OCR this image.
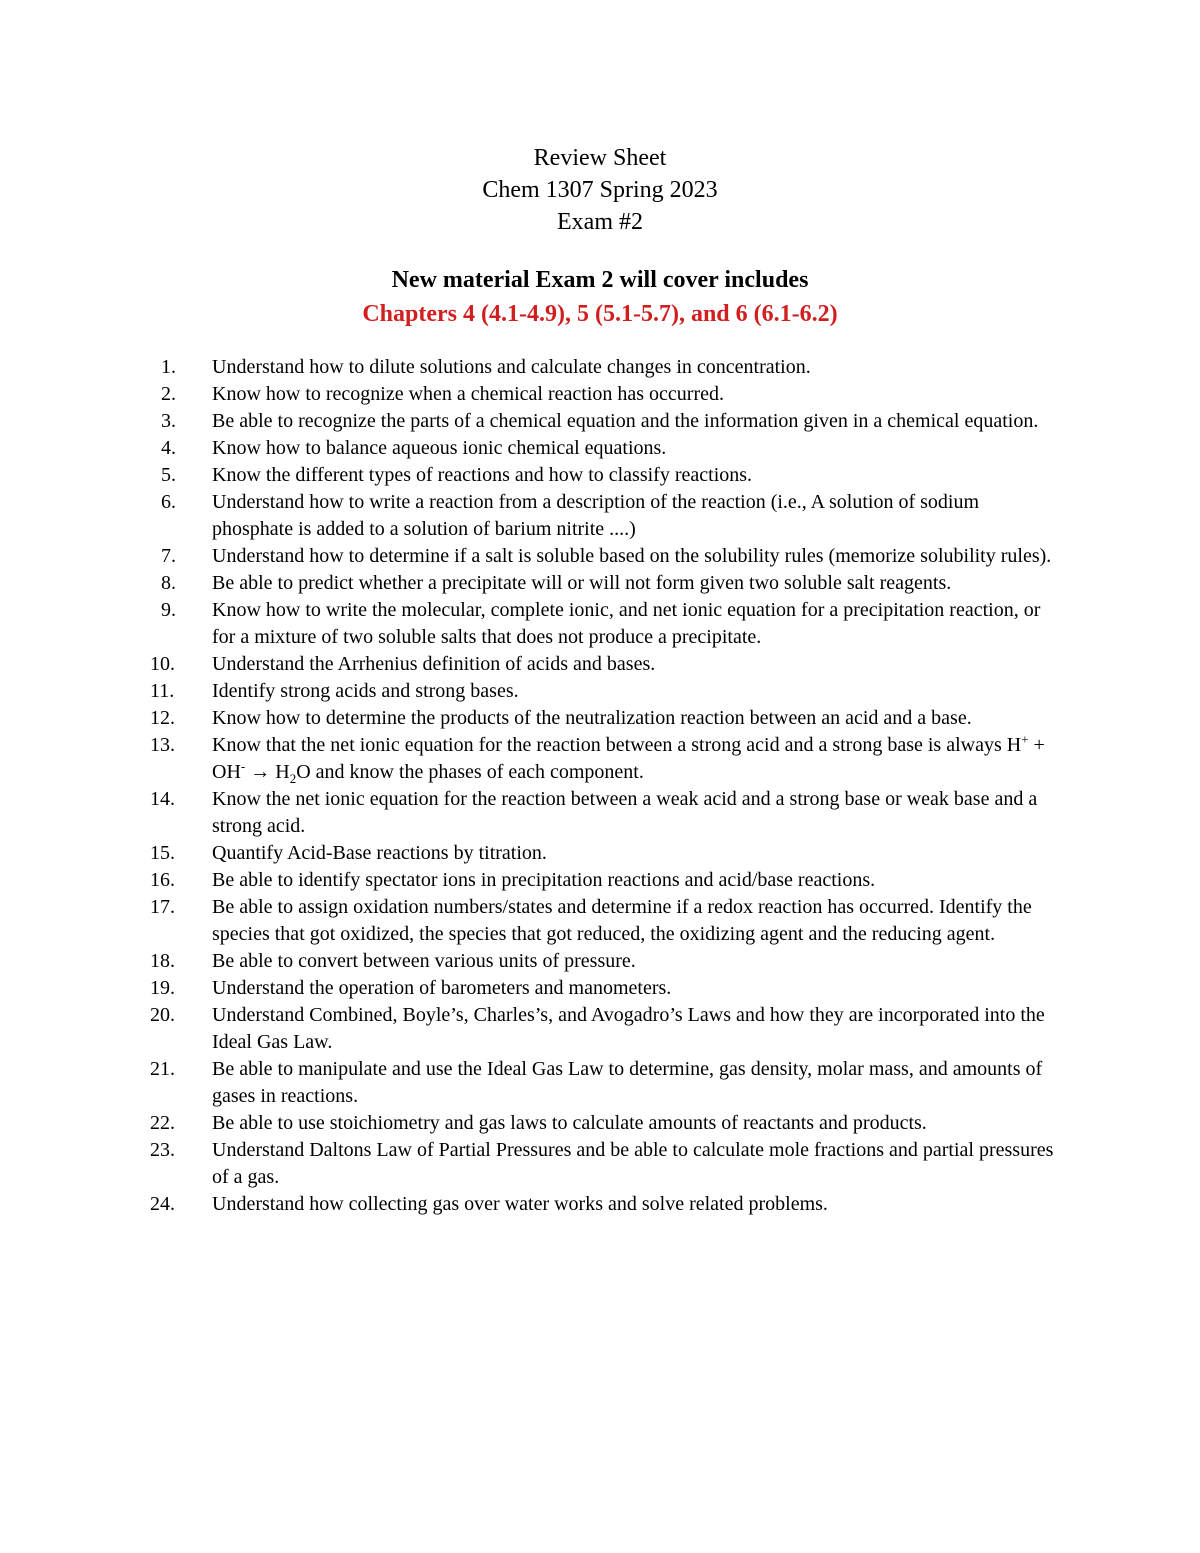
Review Sheet
Chem 1307 Spring 2023
Exam #2
New material Exam 2 will cover includes
Chapters 4 (4.1-4.9), 5 (5.1-5.7), and 6 (6.1-6.2)
1.	Understand how to dilute solutions and calculate changes in concentration.
2.	Know how to recognize when a chemical reaction has occurred.
3.	Be able to recognize the parts of a chemical equation and the information given in a chemical equation.
4.	Know how to balance aqueous ionic chemical equations.
5.	Know the different types of reactions and how to classify reactions.
6.	Understand how to write a reaction from a description of the reaction (i.e., A solution of sodium phosphate is added to a solution of barium nitrite ....)
7.	Understand how to determine if a salt is soluble based on the solubility rules (memorize solubility rules).
8.	Be able to predict whether a precipitate will or will not form given two soluble salt reagents.
9.	Know how to write the molecular, complete ionic, and net ionic equation for a precipitation reaction, or for a mixture of two soluble salts that does not produce a precipitate.
10.	Understand the Arrhenius definition of acids and bases.
11.	Identify strong acids and strong bases.
12.	Know how to determine the products of the neutralization reaction between an acid and a base.
13.	Know that the net ionic equation for the reaction between a strong acid and a strong base is always $H^+ + OH^- \to H_2O$ and know the phases of each component.
14.	Know the net ionic equation for the reaction between a weak acid and a strong base or weak base and a strong acid.
15.	Quantify Acid-Base reactions by titration.
16.	Be able to identify spectator ions in precipitation reactions and acid/base reactions.
17.	Be able to assign oxidation numbers/states and determine if a redox reaction has occurred. Identify the species that got oxidized, the species that got reduced, the oxidizing agent and the reducing agent.
18.	Be able to convert between various units of pressure.
19.	Understand the operation of barometers and manometers.
20.	Understand Combined, Boyle’s, Charles’s, and Avogadro’s Laws and how they are incorporated into the Ideal Gas Law.
21.	Be able to manipulate and use the Ideal Gas Law to determine, gas density, molar mass, and amounts of gases in reactions.
22.	Be able to use stoichiometry and gas laws to calculate amounts of reactants and products.
23.	Understand Daltons Law of Partial Pressures and be able to calculate mole fractions and partial pressures of a gas.
24.	Understand how collecting gas over water works and solve related problems.
